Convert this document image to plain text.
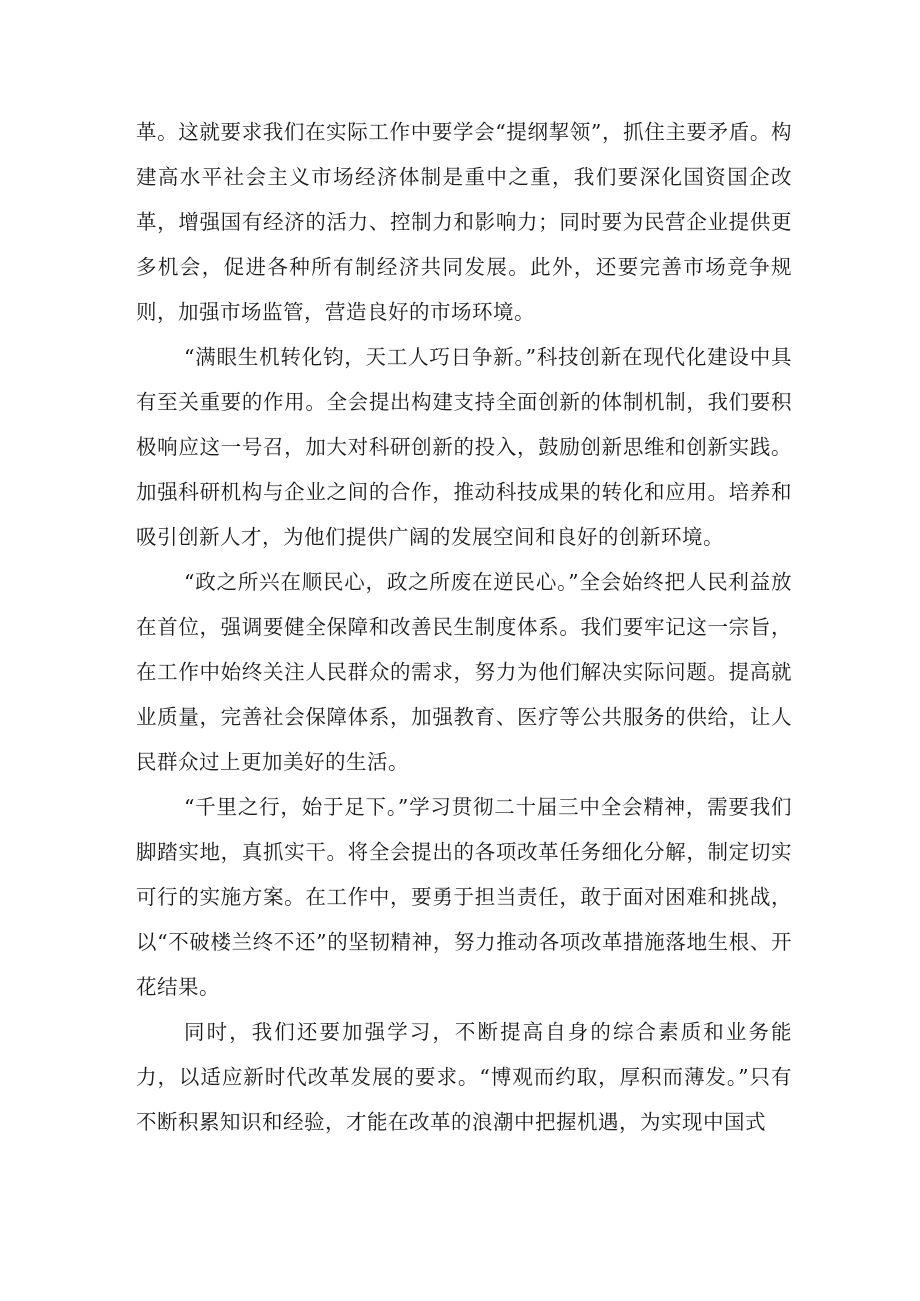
革。这就要求我们在实际工作中要学会“提纲挈领”，抓住主要矛盾。构建高水平社会主义市场经济体制是重中之重，我们要深化国资国企改革，增强国有经济的活力、控制力和影响力；同时要为民营企业提供更多机会，促进各种所有制经济共同发展。此外，还要完善市场竞争规则，加强市场监管，营造良好的市场环境。

“满眼生机转化钧，天工人巧日争新。”科技创新在现代化建设中具有至关重要的作用。全会提出构建支持全面创新的体制机制，我们要积极响应这一号召，加大对科研创新的投入，鼓励创新思维和创新实践。加强科研机构与企业之间的合作，推动科技成果的转化和应用。培养和吸引创新人才，为他们提供广阔的发展空间和良好的创新环境。

“政之所兴在顺民心，政之所废在逆民心。”全会始终把人民利益放在首位，强调要健全保障和改善民生制度体系。我们要牢记这一宗旨，在工作中始终关注人民群众的需求，努力为他们解决实际问题。提高就业质量，完善社会保障体系，加强教育、医疗等公共服务的供给，让人民群众过上更加美好的生活。

“千里之行，始于足下。”学习贯彻二十届三中全会精神，需要我们脚踏实地，真抓实干。将全会提出的各项改革任务细化分解，制定切实可行的实施方案。在工作中，要勇于担当责任，敢于面对困难和挑战，以“不破楼兰终不还”的坚韧精神，努力推动各项改革措施落地生根、开花结果。

同时，我们还要加强学习，不断提高自身的综合素质和业务能力，以适应新时代改革发展的要求。“博观而约取，厚积而薄发。”只有不断积累知识和经验，才能在改革的浪潮中把握机遇，为实现中国式
